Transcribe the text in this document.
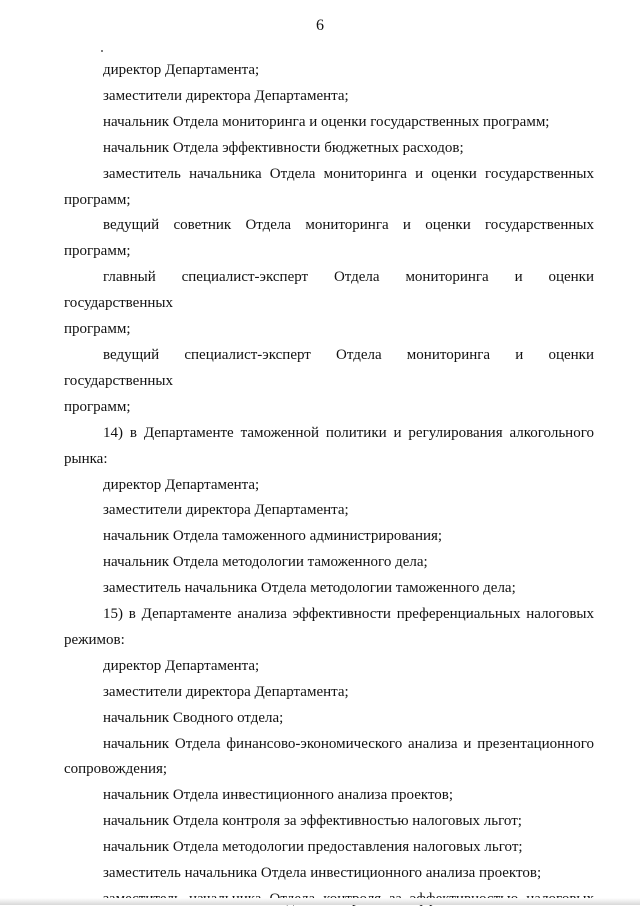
6

директор Департамента;

заместители директора Департамента;

начальник Отдела мониторинга и оценки государственных программ;

начальник Отдела эффективности бюджетных расходов;

заместитель начальника Отдела мониторинга и оценки государственных

программ;

ведущий советник Отдела мониторинга и оценки государственных программ;

главный специалист-эксперт Отдела мониторинга и оценки государственных

программ;

ведущий специалист-эксперт Отдела мониторинга и оценки государственных

программ;

14) в Департаменте таможенной политики и регулирования алкогольного

рынка:

директор Департамента;

заместители директора Департамента;

начальник Отдела таможенного администрирования;

начальник Отдела методологии таможенного дела;

заместитель начальника Отдела методологии таможенного дела;

15) в Департаменте анализа эффективности преференциальных налоговых

режимов:

директор Департамента;

заместители директора Департамента;

начальник Сводного отдела;

начальник Отдела финансово-экономического анализа и презентационного

сопровождения;

начальник Отдела инвестиционного анализа проектов;

начальник Отдела контроля за эффективностью налоговых льгот;

начальник Отдела методологии предоставления налоговых льгот;

заместитель начальника Отдела инвестиционного анализа проектов;
